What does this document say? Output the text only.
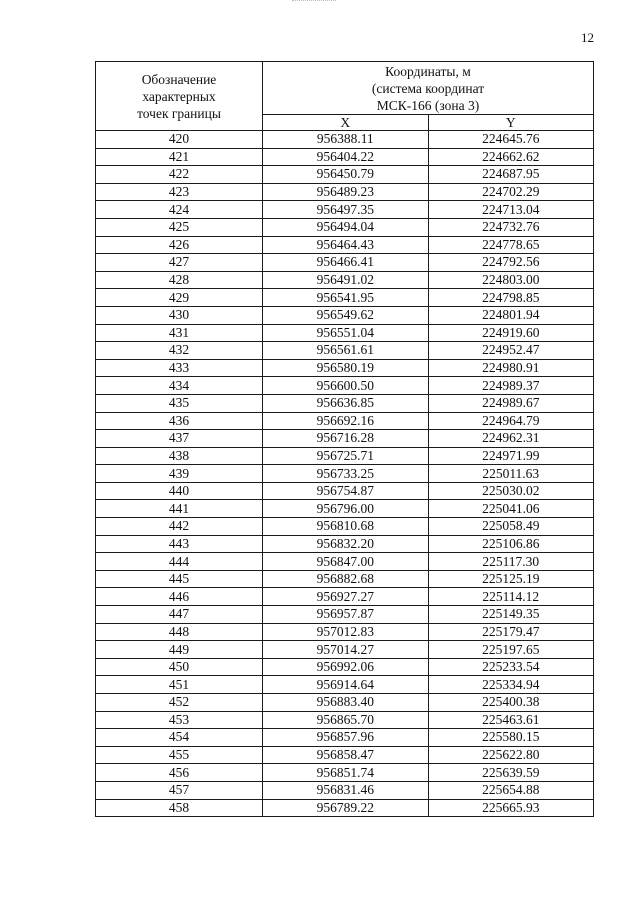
12
Обозначение
характерных
точек границы	Координаты, м
(система координат
МСК-166 (зона 3)	

	X	Y
420	956388.11	224645.76
421	956404.22	224662.62
422	956450.79	224687.95
423	956489.23	224702.29
424	956497.35	224713.04
425	956494.04	224732.76
426	956464.43	224778.65
427	956466.41	224792.56
428	956491.02	224803.00
429	956541.95	224798.85
430	956549.62	224801.94
431	956551.04	224919.60
432	956561.61	224952.47
433	956580.19	224980.91
434	956600.50	224989.37
435	956636.85	224989.67
436	956692.16	224964.79
437	956716.28	224962.31
438	956725.71	224971.99
439	956733.25	225011.63
440	956754.87	225030.02
441	956796.00	225041.06
442	956810.68	225058.49
443	956832.20	225106.86
444	956847.00	225117.30
445	956882.68	225125.19
446	956927.27	225114.12
447	956957.87	225149.35
448	957012.83	225179.47
449	957014.27	225197.65
450	956992.06	225233.54
451	956914.64	225334.94
452	956883.40	225400.38
453	956865.70	225463.61
454	956857.96	225580.15
455	956858.47	225622.80
456	956851.74	225639.59
457	956831.46	225654.88
458	956789.22	225665.93
